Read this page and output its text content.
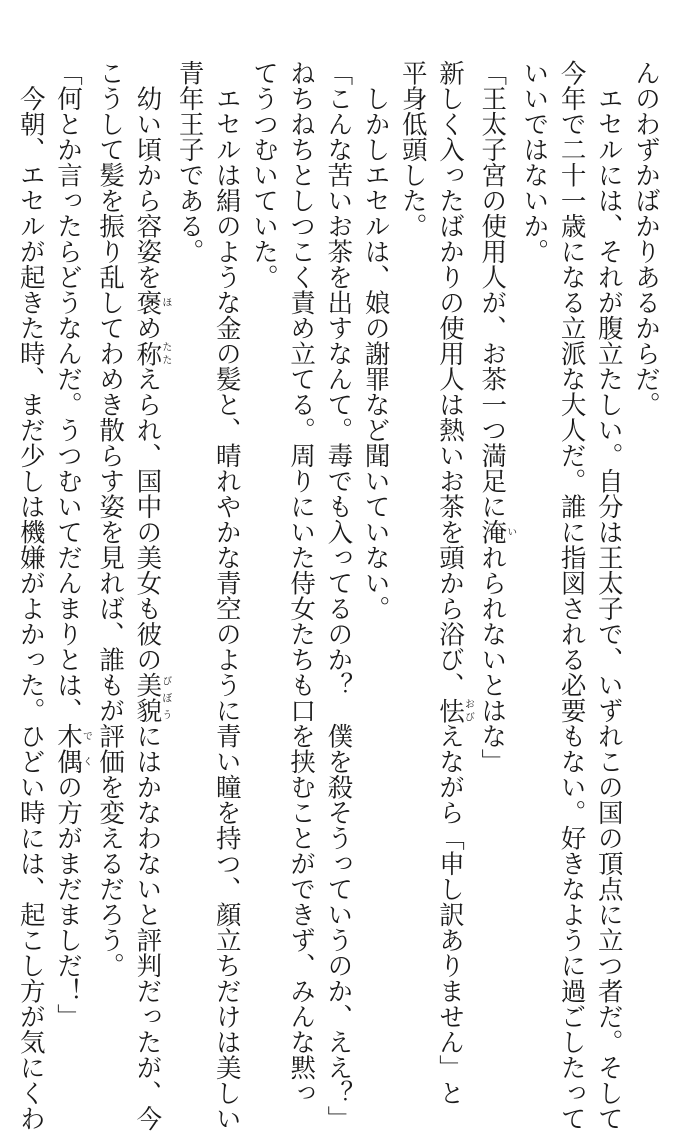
んのわずかばかりあるからだ。
　エセルには、それが腹立たしい。自分は王太子で、いずれこの国の頂点に立つ者だ。そして
今年で二十一歳になる立派な大人だ。誰に指図される必要もない。好きなように過ごしたって
いいではないか。
「王太子宮の使用人が、お茶一つ満足に淹いれられないとはな」
新しく入ったばかりの使用人は熱いお茶を頭から浴び、怯おびえながら「申し訳ありません」と
平身低頭した。
　しかしエセルは、娘の謝罪など聞いていない。
「こんな苦いお茶を出すなんて。毒でも入ってるのか？　僕を殺そうっていうのか、ええ？」
ねちねちとしつこく責め立てる。周りにいた侍女たちも口を挟むことができず、みんな黙っ
てうつむいていた。
　エセルは絹のような金の髪と、晴れやかな青空のように青い瞳を持つ、顔立ちだけは美しい
青年王子である。
　幼い頃から容姿を褒ほめ称たたえられ、国中の美女も彼の美貌びぼうにはかなわないと評判だったが、今
こうして髪を振り乱してわめき散らす姿を見れば、誰もが評価を変えるだろう。
「何とか言ったらどうなんだ。うつむいてだんまりとは、木偶でくの方がまだましだ！」
　今朝、エセルが起きた時、まだ少しは機嫌がよかった。ひどい時には、起こし方が気にくわ
